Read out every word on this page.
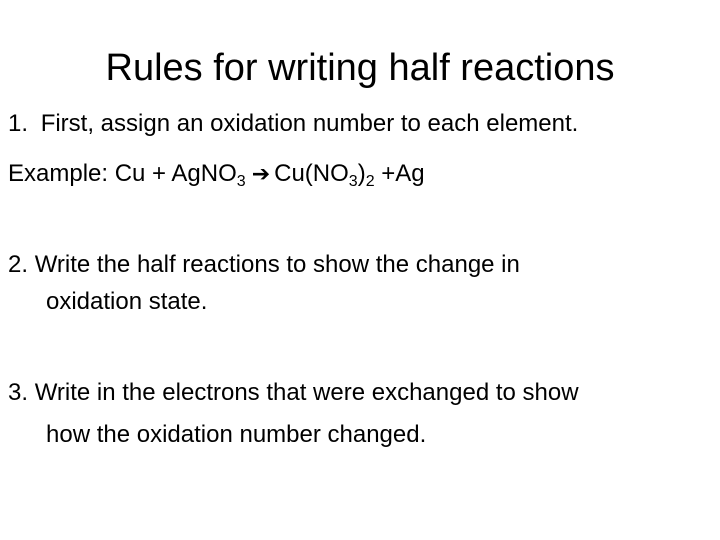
Rules for writing half reactions
1. First, assign an oxidation number to each element.
Example: Cu + AgNO$_3$ ➔ $Cu(NO_3)_2 +Ag$
2. Write the half reactions to show the change in
oxidation state.
3. Write in the electrons that were exchanged to show
how the oxidation number changed.
